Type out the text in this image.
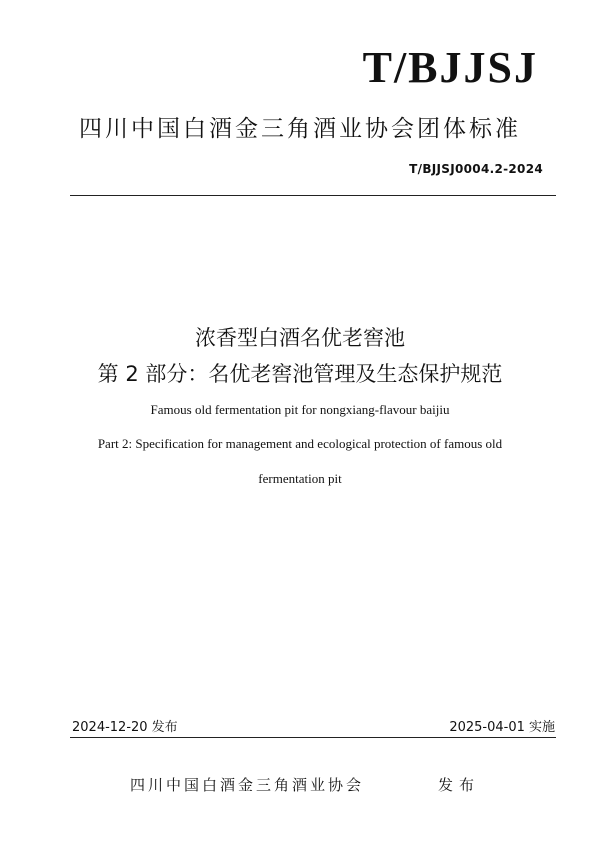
T/BJJSJ
四川中国白酒金三角酒业协会团体标准
T/BJJSJ0004.2-2024
浓香型白酒名优老窖池
第 2 部分：名优老窖池管理及生态保护规范
Famous old fermentation pit for nongxiang-flavour baijiu
Part 2: Specification for management and ecological protection of famous old
fermentation pit
2024-12-20 发布	2025-04-01 实施
四川中国白酒金三角酒业协会	发布
